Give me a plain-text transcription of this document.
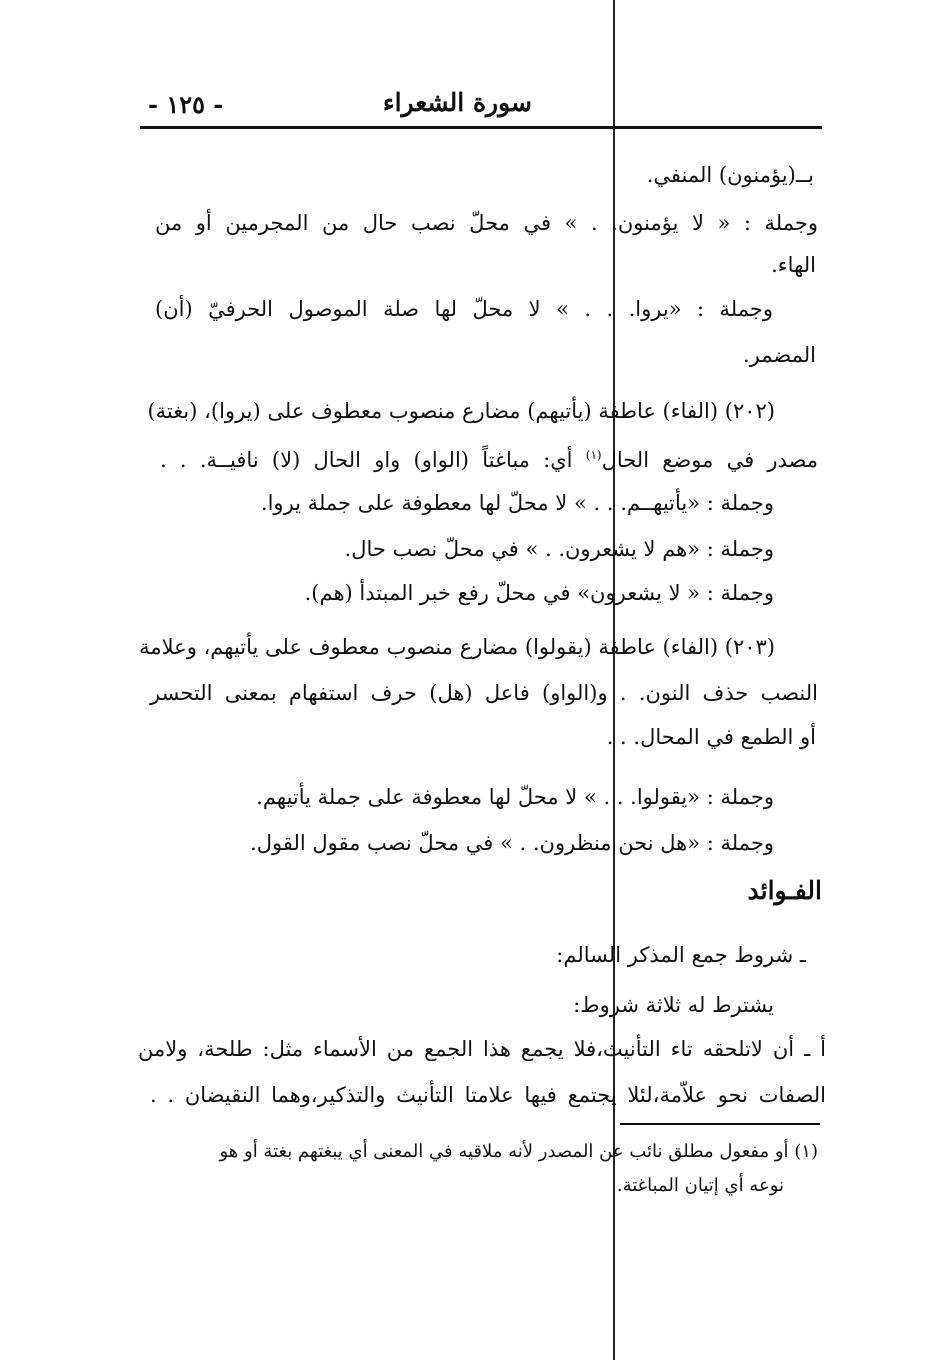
سورة الشعراء
- ١٢٥ -
بــ(يؤمنون) المنفي.
وجملة : « لا يؤمنون. . » في محلّ نصب حال من المجرمين أو من
الهاء.
وجملة : «يروا. . . » لا محلّ لها صلة الموصول الحرفيّ (أن)
المضمر.
(٢٠٢) (الفاء) عاطفة (يأتيهم) مضارع منصوب معطوف على (يروا)، (بغتة)
مصدر في موضع الحال$^{(١)}$ أي: مباغتاً (الواو) واو الحال (لا) نافيــة. . .
وجملة : «يأتيهــم. . . » لا محلّ لها معطوفة على جملة يروا.
وجملة : «هم لا يشعرون. . » في محلّ نصب حال.
وجملة : « لا يشعرون» في محلّ رفع خبر المبتدأ (هم).
(٢٠٣) (الفاء) عاطفة (يقولوا) مضارع منصوب معطوف على يأتيهم، وعلامة
النصب حذف النون. . و(الواو) فاعل (هل) حرف استفهام بمعنى التحسر
أو الطمع في المحال. . .
وجملة : «يقولوا. . . » لا محلّ لها معطوفة على جملة يأتيهم.
وجملة : «هل نحن منظرون. . » في محلّ نصب مقول القول.
الفـوائد
ـ شروط جمع المذكر السالم:
يشترط له ثلاثة شروط:
أ ـ أن لاتلحقه تاء التأنيث،فلا يجمع هذا الجمع من الأسماء مثل: طلحة، ولامن
الصفات نحو علاّمة،لئلا يجتمع فيها علامتا التأنيث والتذكير،وهما النقيضان . .
(١) أو مفعول مطلق نائب عن المصدر لأنه ملاقيه في المعنى أي يبغتهم بغتة أو هو
نوعه أي إتيان المباغتة.
